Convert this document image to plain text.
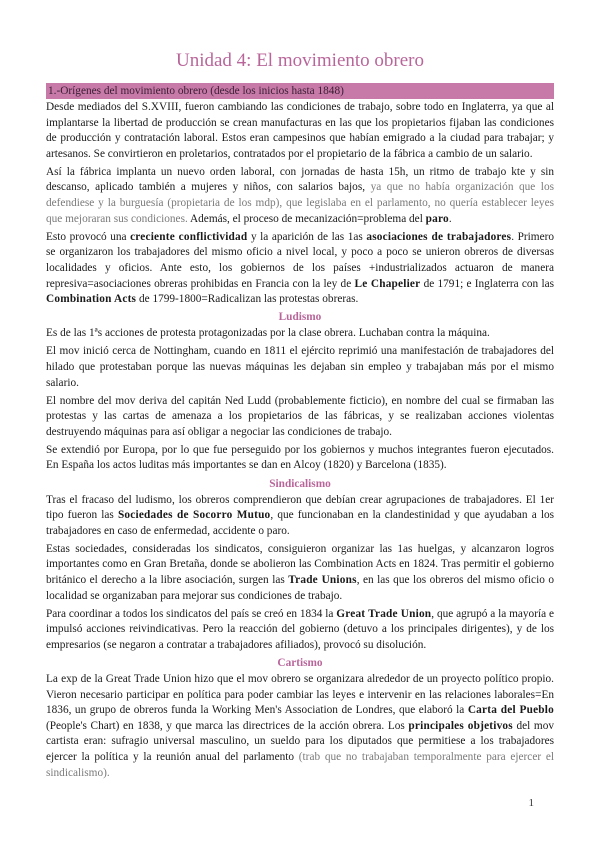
Unidad 4: El movimiento obrero
1.-Orígenes del movimiento obrero (desde los inicios hasta 1848)

Desde mediados del S.XVIII, fueron cambiando las condiciones de trabajo, sobre todo en Inglaterra, ya que al implantarse la libertad de producción se crean manufacturas en las que los propietarios fijaban las condiciones de producción y contratación laboral. Estos eran campesinos que habían emigrado a la ciudad para trabajar; y artesanos. Se convirtieron en proletarios, contratados por el propietario de la fábrica a cambio de un salario.

Así la fábrica implanta un nuevo orden laboral, con jornadas de hasta 15h, un ritmo de trabajo kte y sin descanso, aplicado también a mujeres y niños, con salarios bajos, ya que no había organización que los defendiese y la burguesía (propietaria de los mdp), que legislaba en el parlamento, no quería establecer leyes que mejoraran sus condiciones. Además, el proceso de mecanización=problema del paro.

Esto provocó una creciente conflictividad y la aparición de las 1as asociaciones de trabajadores. Primero se organizaron los trabajadores del mismo oficio a nivel local, y poco a poco se unieron obreros de diversas localidades y oficios. Ante esto, los gobiernos de los países +industrializados actuaron de manera represiva=asociaciones obreras prohibidas en Francia con la ley de Le Chapelier de 1791; e Inglaterra con las Combination Acts de 1799-1800=Radicalizan las protestas obreras.

Ludismo

Es de las 1ªs acciones de protesta protagonizadas por la clase obrera. Luchaban contra la máquina.

El mov inició cerca de Nottingham, cuando en 1811 el ejército reprimió una manifestación de trabajadores del hilado que protestaban porque las nuevas máquinas les dejaban sin empleo y trabajaban más por el mismo salario.

El nombre del mov deriva del capitán Ned Ludd (probablemente ficticio), en nombre del cual se firmaban las protestas y las cartas de amenaza a los propietarios de las fábricas, y se realizaban acciones violentas destruyendo máquinas para así obligar a negociar las condiciones de trabajo.

Se extendió por Europa, por lo que fue perseguido por los gobiernos y muchos integrantes fueron ejecutados. En España los actos luditas más importantes se dan en Alcoy (1820) y Barcelona (1835).

Sindicalismo

Tras el fracaso del ludismo, los obreros comprendieron que debían crear agrupaciones de trabajadores. El 1er tipo fueron las Sociedades de Socorro Mutuo, que funcionaban en la clandestinidad y que ayudaban a los trabajadores en caso de enfermedad, accidente o paro.

Estas sociedades, consideradas los sindicatos, consiguieron organizar las 1as huelgas, y alcanzaron logros importantes como en Gran Bretaña, donde se abolieron las Combination Acts en 1824. Tras permitir el gobierno británico el derecho a la libre asociación, surgen las Trade Unions, en las que los obreros del mismo oficio o localidad se organizaban para mejorar sus condiciones de trabajo.

Para coordinar a todos los sindicatos del país se creó en 1834 la Great Trade Union, que agrupó a la mayoría e impulsó acciones reivindicativas. Pero la reacción del gobierno (detuvo a los principales dirigentes), y de los empresarios (se negaron a contratar a trabajadores afiliados), provocó su disolución.

Cartismo

La exp de la Great Trade Union hizo que el mov obrero se organizara alrededor de un proyecto político propio. Vieron necesario participar en política para poder cambiar las leyes e intervenir en las relaciones laborales=En 1836, un grupo de obreros funda la Working Men's Association de Londres, que elaboró la Carta del Pueblo (People's Chart) en 1838, y que marca las directrices de la acción obrera. Los principales objetivos del mov cartista eran: sufragio universal masculino, un sueldo para los diputados que permitiese a los trabajadores ejercer la política y la reunión anual del parlamento (trab que no trabajaban temporalmente para ejercer el sindicalismo).

1
